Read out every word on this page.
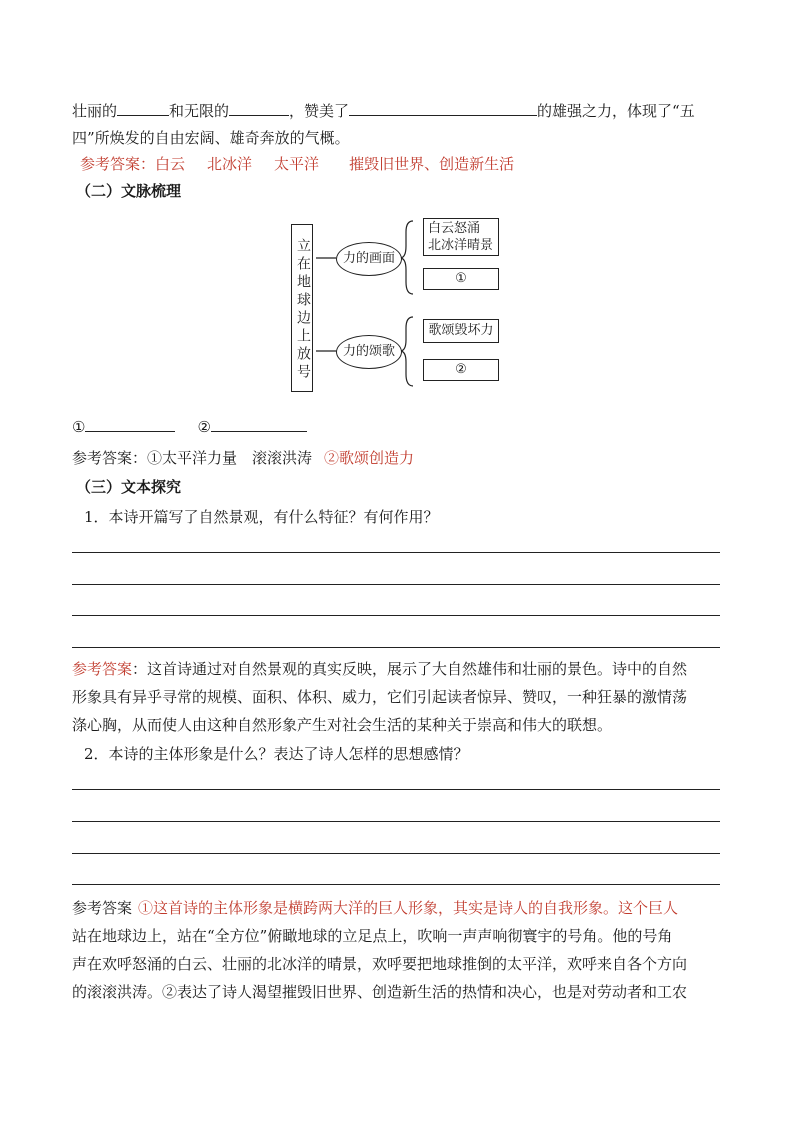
壮丽的	和无限的	，赞美了	的雄强之力，体现了“五
四”所焕发的自由宏阔、雄奇奔放的气概。
参考答案：白云 北冰洋 太平洋 摧毁旧世界、创造新生活
（二）文脉梳理
立在地球边上放号	力的画面
力的颂歌
白云怒涌
北冰洋晴景
①
歌颂毁坏力
②
①	②
参考答案：①太平洋力量　滚滚洪涛 ②歌颂创造力
（三）文本探究
1．本诗开篇写了自然景观，有什么特征？有何作用？
参考答案：这首诗通过对自然景观的真实反映，展示了大自然雄伟和壮丽的景色。诗中的自然
形象具有异乎寻常的规模、面积、体积、威力，它们引起读者惊异、赞叹，一种狂暴的激情荡
涤心胸，从而使人由这种自然形象产生对社会生活的某种关于崇高和伟大的联想。
2．本诗的主体形象是什么？表达了诗人怎样的思想感情？
参考答案 ①这首诗的主体形象是横跨两大洋的巨人形象，其实是诗人的自我形象。这个巨人
站在地球边上，站在“全方位”俯瞰地球的立足点上，吹响一声声响彻寰宇的号角。他的号角
声在欢呼怒涌的白云、壮丽的北冰洋的晴景，欢呼要把地球推倒的太平洋，欢呼来自各个方向
的滚滚洪涛。②表达了诗人渴望摧毁旧世界、创造新生活的热情和决心，也是对劳动者和工农
